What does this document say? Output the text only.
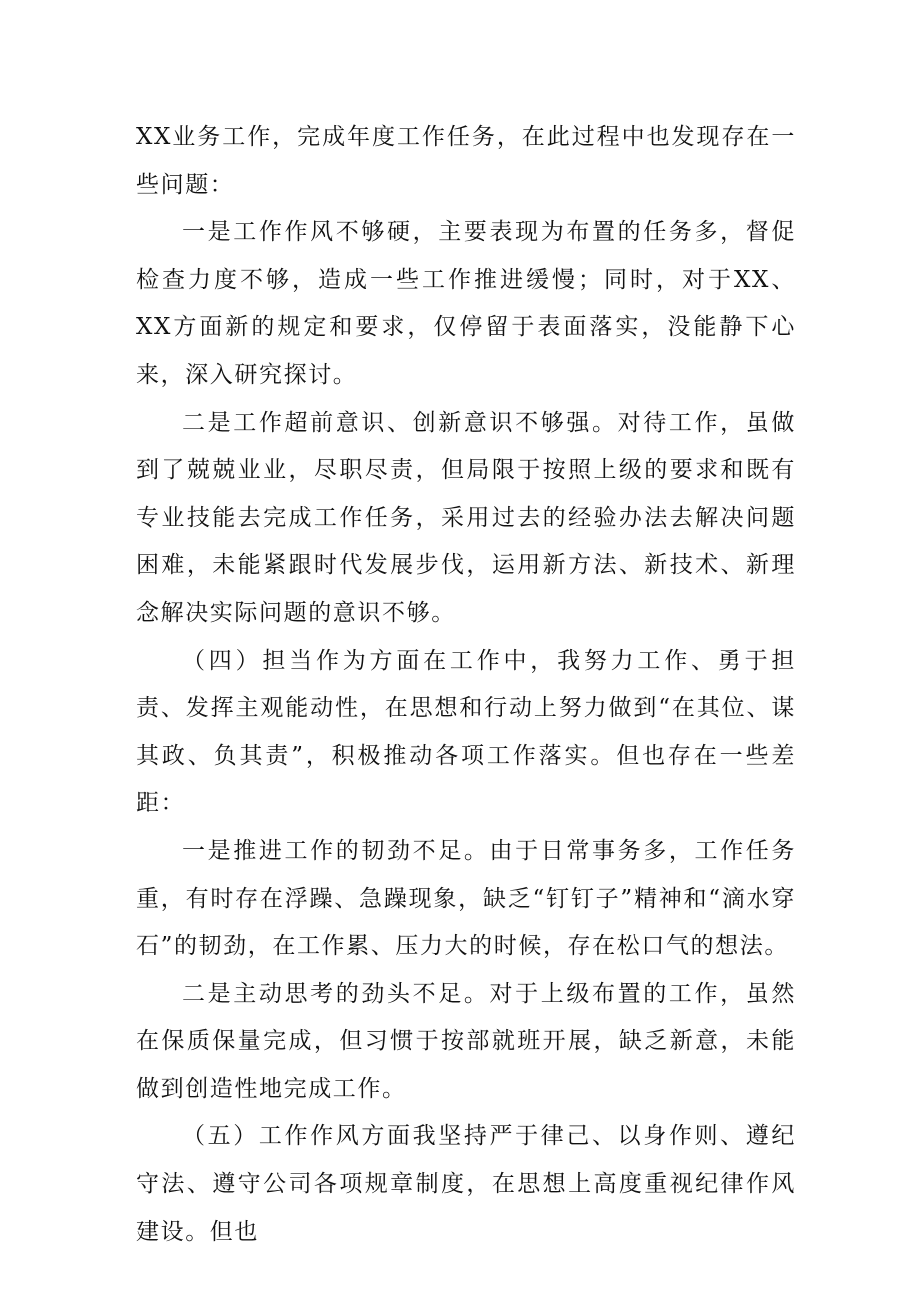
XX业务工作，完成年度工作任务，在此过程中也发现存在一些问题：

一是工作作风不够硬，主要表现为布置的任务多，督促检查力度不够，造成一些工作推进缓慢；同时，对于XX、XX方面新的规定和要求，仅停留于表面落实，没能静下心来，深入研究探讨。

二是工作超前意识、创新意识不够强。对待工作，虽做到了兢兢业业，尽职尽责，但局限于按照上级的要求和既有专业技能去完成工作任务，采用过去的经验办法去解决问题困难，未能紧跟时代发展步伐，运用新方法、新技术、新理念解决实际问题的意识不够。

（四）担当作为方面在工作中，我努力工作、勇于担责、发挥主观能动性，在思想和行动上努力做到“在其位、谋其政、负其责”，积极推动各项工作落实。但也存在一些差距：

一是推进工作的韧劲不足。由于日常事务多，工作任务重，有时存在浮躁、急躁现象，缺乏“钉钉子”精神和“滴水穿石”的韧劲，在工作累、压力大的时候，存在松口气的想法。

二是主动思考的劲头不足。对于上级布置的工作，虽然在保质保量完成，但习惯于按部就班开展，缺乏新意，未能做到创造性地完成工作。

（五）工作作风方面我坚持严于律己、以身作则、遵纪守法、遵守公司各项规章制度，在思想上高度重视纪律作风建设。但也
